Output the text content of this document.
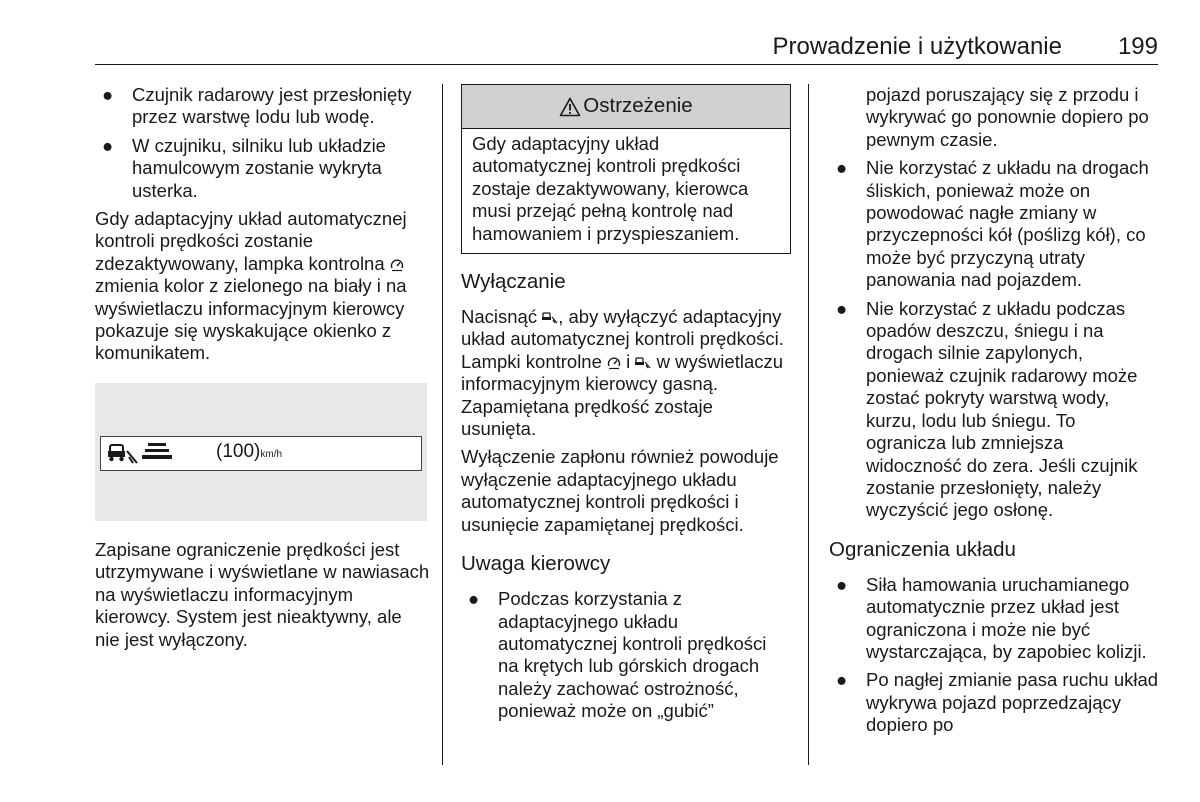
Prowadzenie i użytkowanie 199
● Czujnik radarowy jest przesłonięty przez warstwę lodu lub wodę.
● W czujniku, silniku lub układzie hamulcowym zostanie wykryta usterka.

Gdy adaptacyjny układ automatycznej kontroli prędkości zostanie zdezaktywowany, lampka kontrolna  zmienia kolor z zielonego na biały i na wyświetlaczu informacyjnym kierowcy pokazuje się wyskakujące okienko z komunikatem.

(100)km/h

Zapisane ograniczenie prędkości jest utrzymywane i wyświetlane w nawiasach na wyświetlaczu informacyjnym kierowcy. System jest nieaktywny, ale nie jest wyłączony.

Ostrzeżenie
Gdy adaptacyjny układ automatycznej kontroli prędkości zostaje dezaktywowany, kierowca musi przejąć pełną kontrolę nad hamowaniem i przyspieszaniem.
Wyłączanie

Nacisnąć , aby wyłączyć adaptacyjny układ automatycznej kontroli prędkości. Lampki kontrolne i w wyświetlaczu informacyjnym kierowcy gasną. Zapamiętana prędkość zostaje usunięta.

Wyłączenie zapłonu również powoduje wyłączenie adaptacyjnego układu automatycznej kontroli prędkości i usunięcie zapamiętanej prędkości.

Uwaga kierowcy
● Podczas korzystania z adaptacyjnego układu automatycznej kontroli prędkości na krętych lub górskich drogach należy zachować ostrożność, ponieważ może on „gubić”
pojazd poruszający się z przodu i wykrywać go ponownie dopiero po pewnym czasie.
● Nie korzystać z układu na drogach śliskich, ponieważ może on powodować nagłe zmiany w przyczepności kół (poślizg kół), co może być przyczyną utraty panowania nad pojazdem.
● Nie korzystać z układu podczas opadów deszczu, śniegu i na drogach silnie zapylonych, ponieważ czujnik radarowy może zostać pokryty warstwą wody, kurzu, lodu lub śniegu. To ogranicza lub zmniejsza widoczność do zera. Jeśli czujnik zostanie przesłonięty, należy wyczyścić jego osłonę.
Ograniczenia układu
● Siła hamowania uruchamianego automatycznie przez układ jest ograniczona i może nie być wystarczająca, by zapobiec kolizji.
● Po nagłej zmianie pasa ruchu układ wykrywa pojazd poprzedzający dopiero po
